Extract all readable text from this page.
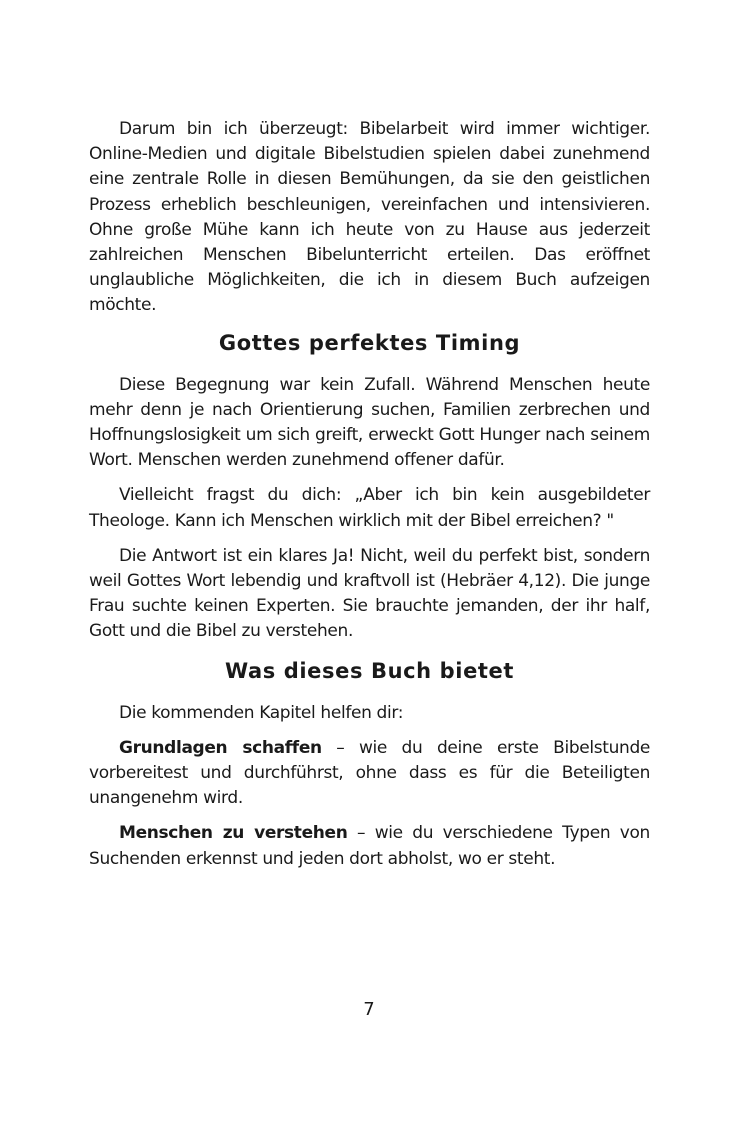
Darum bin ich überzeugt: Bibelarbeit wird immer wichtiger. Online-Medien und digitale Bibelstudien spielen dabei zunehmend eine zentrale Rolle in diesen Bemühungen, da sie den geistlichen Prozess erheblich beschleunigen, vereinfachen und intensivieren. Ohne große Mühe kann ich heute von zu Hause aus jederzeit zahlreichen Menschen Bibelunterricht erteilen. Das eröffnet unglaubliche Möglichkeiten, die ich in diesem Buch aufzeigen möchte.

Gottes perfektes Timing

Diese Begegnung war kein Zufall. Während Menschen heute mehr denn je nach Orientierung suchen, Familien zerbrechen und Hoffnungslosigkeit um sich greift, erweckt Gott Hunger nach seinem Wort. Menschen werden zunehmend offener dafür.

Vielleicht fragst du dich: „Aber ich bin kein ausgebildeter Theologe. Kann ich Menschen wirklich mit der Bibel erreichen? "

Die Antwort ist ein klares Ja! Nicht, weil du perfekt bist, sondern weil Gottes Wort lebendig und kraftvoll ist (Hebräer 4,12). Die junge Frau suchte keinen Experten. Sie brauchte jemanden, der ihr half, Gott und die Bibel zu verstehen.

Was dieses Buch bietet

Die kommenden Kapitel helfen dir:

Grundlagen schaffen – wie du deine erste Bibelstunde vorbereitest und durchführst, ohne dass es für die Beteiligten unangenehm wird.

Menschen zu verstehen – wie du verschiedene Typen von Suchenden erkennst und jeden dort abholst, wo er steht.

7
